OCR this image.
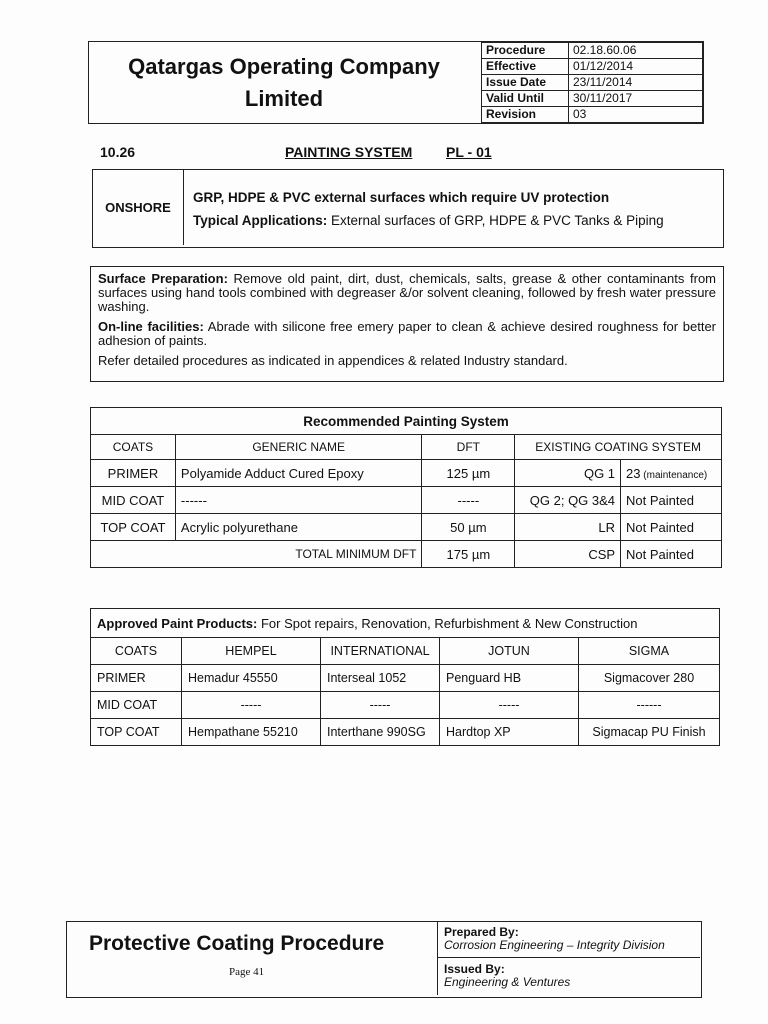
Qatargas Operating Company
Limited
Procedure	02.18.60.06
Effective	01/12/2014
Issue Date	23/11/2014
Valid Until	30/11/2017
Revision	03
10.26	PAINTING SYSTEM PL - 01
ONSHORE
GRP, HDPE & PVC external surfaces which require UV protection
Typical Applications: External surfaces of GRP, HDPE & PVC Tanks & Piping

Surface Preparation: Remove old paint, dirt, dust, chemicals, salts, grease & other contaminants from surfaces using hand tools combined with degreaser &/or solvent cleaning, followed by fresh water pressure washing.

On-line facilities: Abrade with silicone free emery paper to clean & achieve desired roughness for better adhesion of paints.

Refer detailed procedures as indicated in appendices & related Industry standard.

Recommended Painting System				
COATS	GENERIC NAME	DFT	EXISTING COATING SYSTEM	
PRIMER	Polyamide Adduct Cured Epoxy	125 µm	QG 1	23 (maintenance)
MID COAT	------	-----	QG 2; QG 3&4	Not Painted
TOP COAT	Acrylic polyurethane	50 µm	LR	Not Painted
TOTAL MINIMUM DFT		175 µm	CSP	Not Painted
Approved Paint Products: For Spot repairs, Renovation, Refurbishment & New Construction				
COATS	HEMPEL	INTERNATIONAL	JOTUN	SIGMA
PRIMER	Hemadur 45550	Interseal 1052	Penguard HB	Sigmacover 280
MID COAT	-----	-----	-----	------
TOP COAT	Hempathane 55210	Interthane 990SG	Hardtop XP	Sigmacap PU Finish
Protective Coating Procedure
Page 41
Prepared By:
Corrosion Engineering – Integrity Division
Issued By:
Engineering & Ventures
